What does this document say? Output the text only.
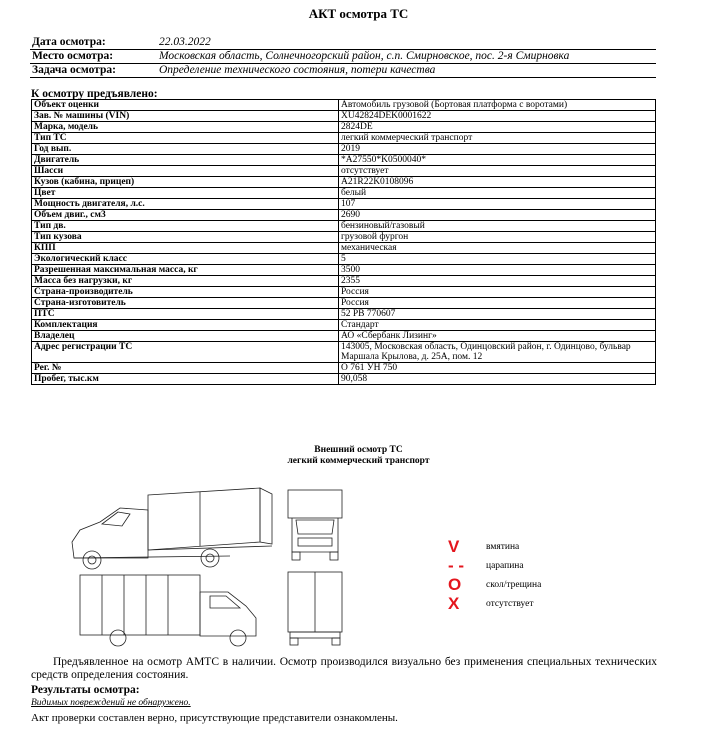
АКТ осмотра ТС
Дата осмотра:	22.03.2022
Место осмотра:	Московская область, Солнечногорский район, с.п. Смирновское, пос. 2-я Смирновка
Задача осмотра:	Определение технического состояния, потери качества
К осмотру предъявлено:
Объект оценки	Автомобиль грузовой (Бортовая платформа с воротами)
Зав. № машины (VIN)	XU42824DEK0001622
Марка, модель	2824DE
Тип ТС	легкий коммерческий транспорт
Год вып.	2019
Двигатель	*A27550*K0500040*
Шасси	отсутствует
Кузов (кабина, прицеп)	A21R22K0108096
Цвет	белый
Мощность двигателя, л.с.	107
Объем двиг., см3	2690
Тип дв.	бензиновый/газовый
Тип кузова	грузовой фургон
КПП	механическая
Экологический класс	5
Разрешенная максимальная масса, кг	3500
Масса без нагрузки, кг	2355
Страна-производитель	Россия
Страна-изготовитель	Россия
ПТС	52 РВ 770607
Комплектация	Стандарт
Владелец	АО «Сбербанк Лизинг»
Адрес регистрации ТС	143005, Московская область, Одинцовский район, г. Одинцово, бульвар Маршала Крылова, д. 25А, пом. 12
Рег. №	О 761 УН 750
Пробег, тыс.км	90,058
Внешний осмотр ТС
легкий коммерческий транспорт
V	вмятина
- -	царапина
O	скол/трещина
X	отсутствует
Предъявленное на осмотр АМТС в наличии. Осмотр производился визуально без применения специальных технических средств определения состояния.
Результаты осмотра:
Видимых повреждений не обнаружено.
Акт проверки составлен верно, присутствующие представители ознакомлены.
